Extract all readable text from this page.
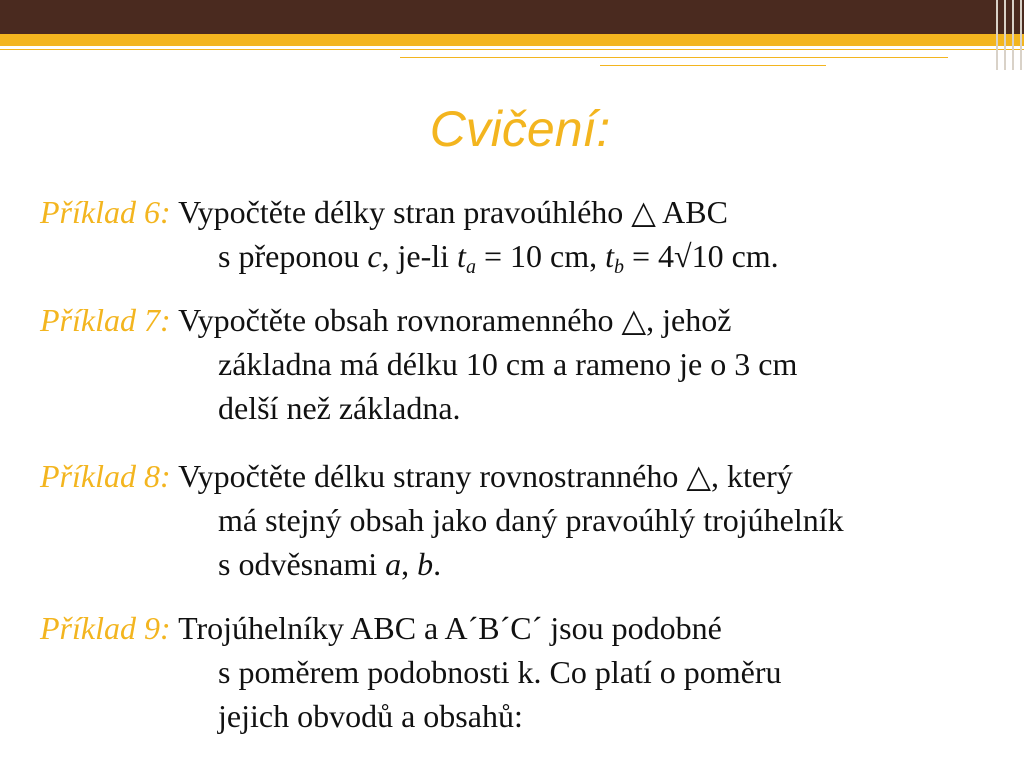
Cvičení:
Příklad 6: Vypočtěte délky stran pravoúhlého △ ABC
s přeponou c, je-li $t_a = 10$ cm, $t_b = 4√10$ cm.
Příklad 7: Vypočtěte obsah rovnoramenného △, jehož
základna má délku 10 cm a rameno je o 3 cm
delší než základna.
Příklad 8: Vypočtěte délku strany rovnostranného △, který
má stejný obsah jako daný pravoúhlý trojúhelník
s odvěsnami a, b.
Příklad 9: Trojúhelníky ABC a A´B´C´ jsou podobné
s poměrem podobnosti k. Co platí o poměru
jejich obvodů a obsahů:
